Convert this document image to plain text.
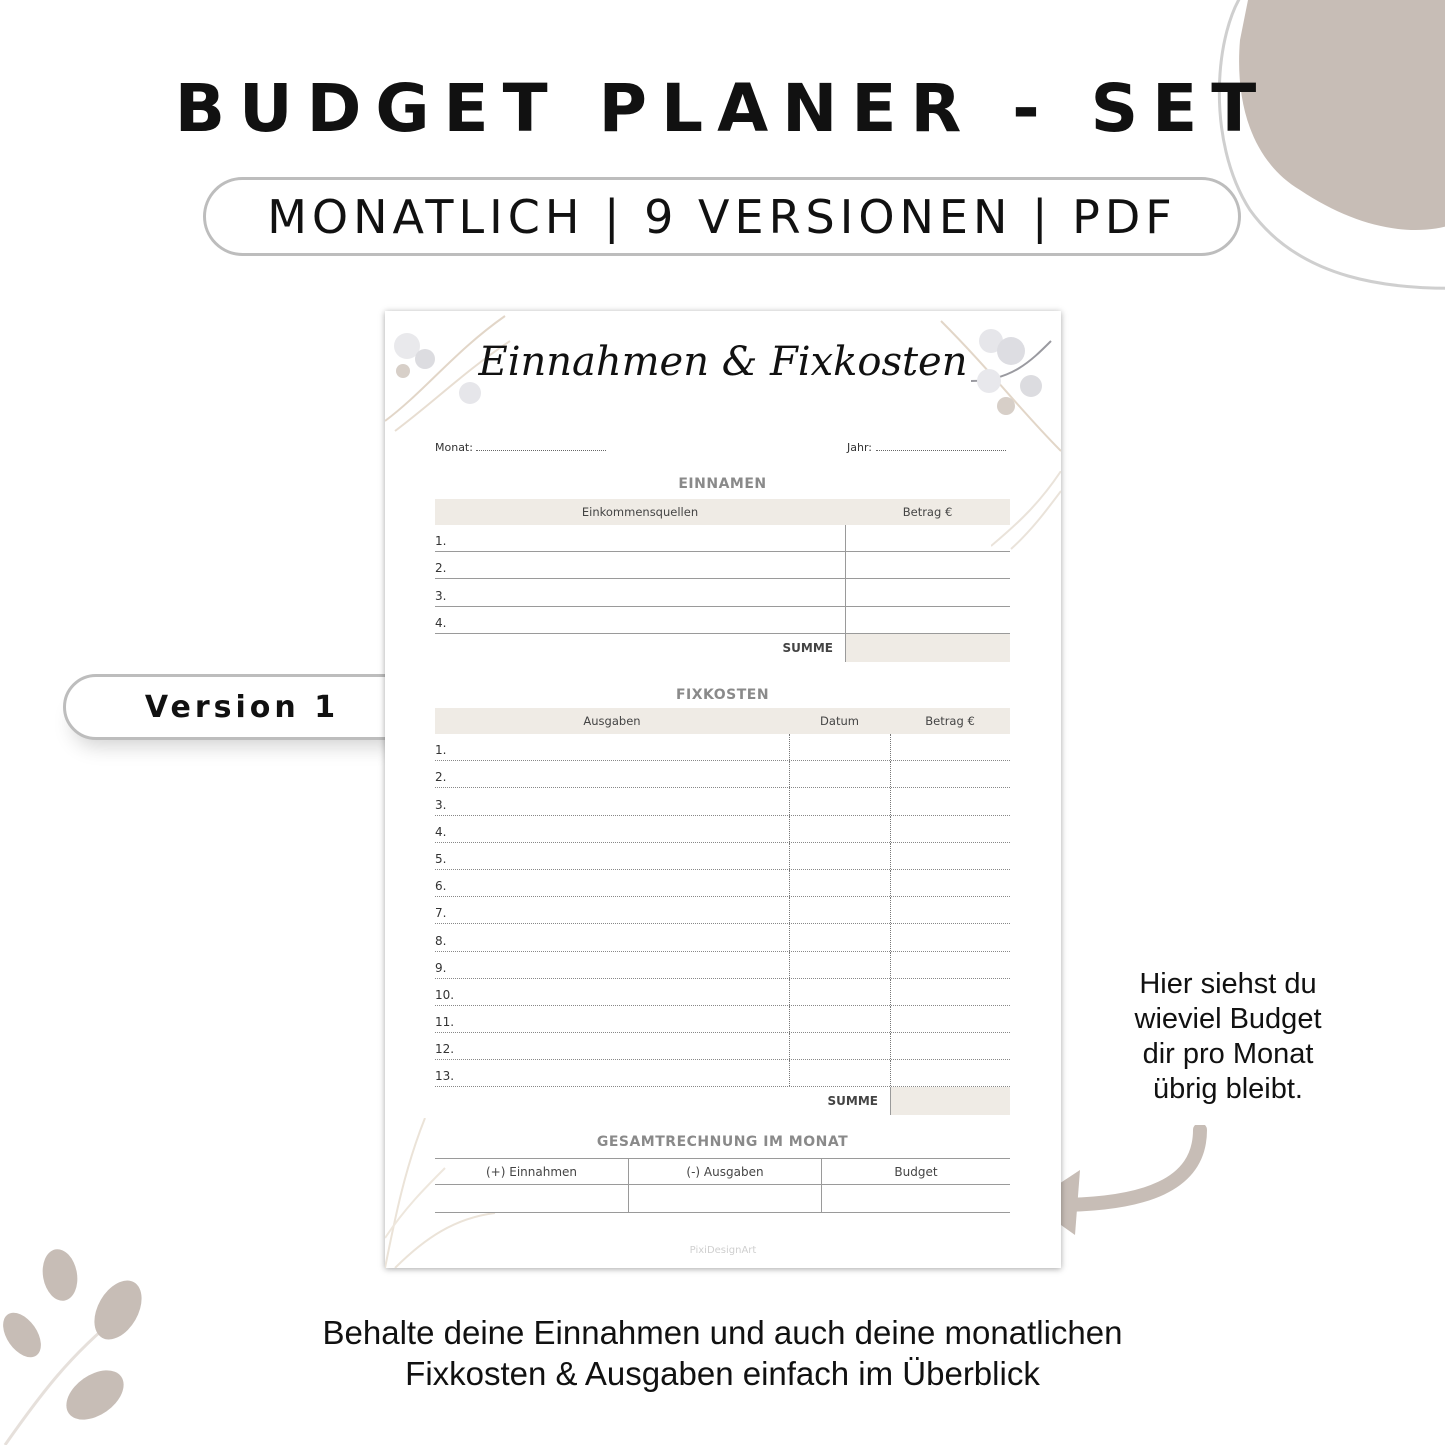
BUDGET PLANER - SET
MONATLICH | 9 VERSIONEN | PDF
Version 1
Hier siehst du
wieviel Budget
dir pro Monat
übrig bleibt.
Behalte deine Einnahmen und auch deine monatlichen
Fixkosten & Ausgaben einfach im Überblick
Einnahmen & Fixkosten
Monat:	Jahr:
EINNAMEN
Einkommensquellen	Betrag €
1.
2.
3.
4.
SUMME
FIXKOSTEN
Ausgaben	Datum	Betrag €
1.
2.
3.
4.
5.
6.
7.
8.
9.
10.
11.
12.
13.
SUMME
GESAMTRECHNUNG IM MONAT
(+) Einnahmen	(-) Ausgaben	Budget
PixiDesignArt
